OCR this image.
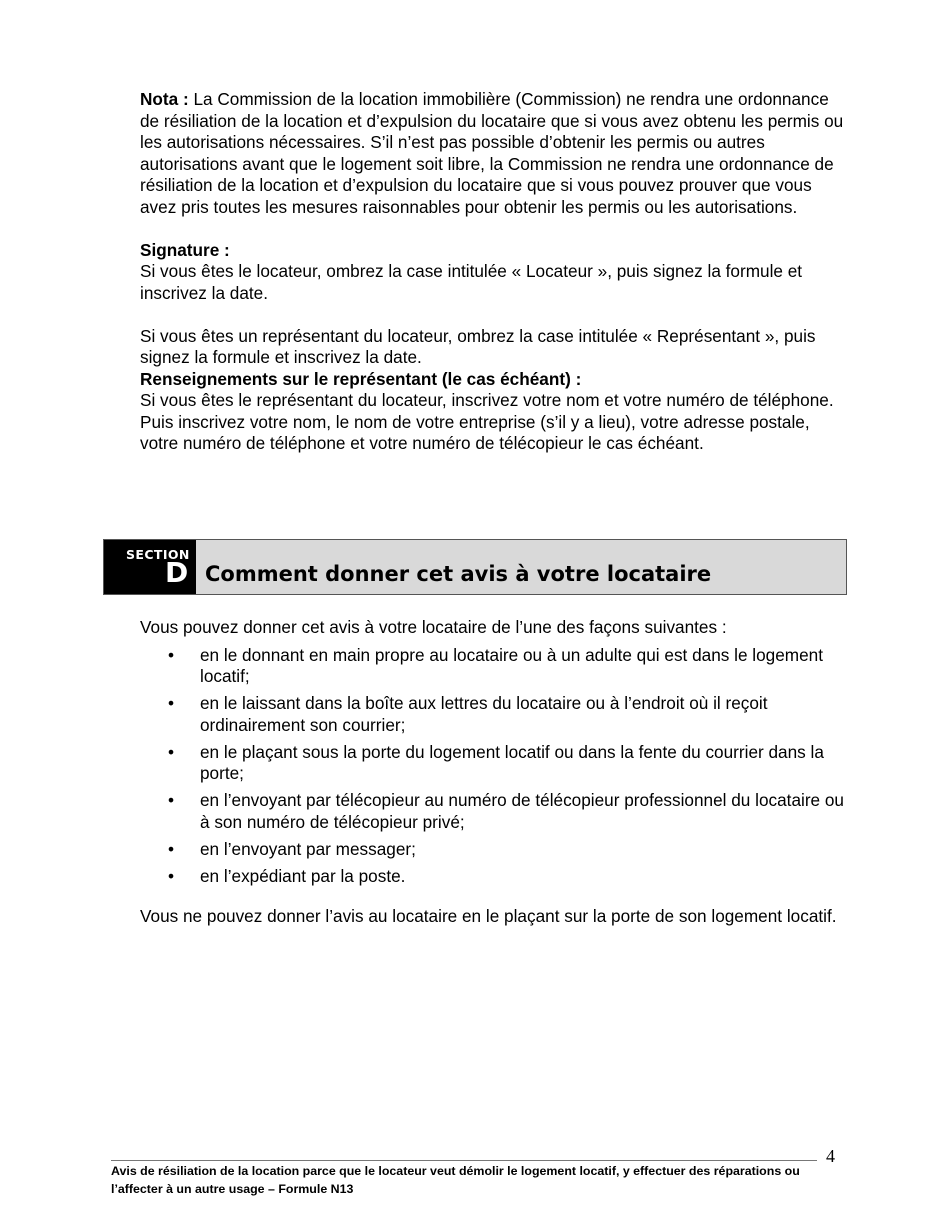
Nota : La Commission de la location immobilière (Commission) ne rendra une ordonnance de résiliation de la location et d’expulsion du locataire que si vous avez obtenu les permis ou les autorisations nécessaires. S’il n’est pas possible d’obtenir les permis ou autres autorisations avant que le logement soit libre, la Commission ne rendra une ordonnance de résiliation de la location et d’expulsion du locataire que si vous pouvez prouver que vous avez pris toutes les mesures raisonnables pour obtenir les permis ou les autorisations.

Signature :

Si vous êtes le locateur, ombrez la case intitulée « Locateur », puis signez la formule et inscrivez la date.

Si vous êtes un représentant du locateur, ombrez la case intitulée « Représentant », puis signez la formule et inscrivez la date.

Renseignements sur le représentant (le cas échéant) :

Si vous êtes le représentant du locateur, inscrivez votre nom et votre numéro de téléphone. Puis inscrivez votre nom, le nom de votre entreprise (s’il y a lieu), votre adresse postale, votre numéro de téléphone et votre numéro de télécopieur le cas échéant.

SECTION
D Comment donner cet avis à votre locataire

Vous pouvez donner cet avis à votre locataire de l’une des façons suivantes :

• en le donnant en main propre au locataire ou à un adulte qui est dans le logement locatif;
• en le laissant dans la boîte aux lettres du locataire ou à l’endroit où il reçoit ordinairement son courrier;
• en le plaçant sous la porte du logement locatif ou dans la fente du courrier dans la porte;
• en l’envoyant par télécopieur au numéro de télécopieur professionnel du locataire ou à son numéro de télécopieur privé;
• en l’envoyant par messager;
• en l’expédiant par la poste.

Vous ne pouvez donner l’avis au locataire en le plaçant sur la porte de son logement locatif.

4
Avis de résiliation de la location parce que le locateur veut démolir le logement locatif, y effectuer des réparations ou l’affecter à un autre usage – Formule N13
